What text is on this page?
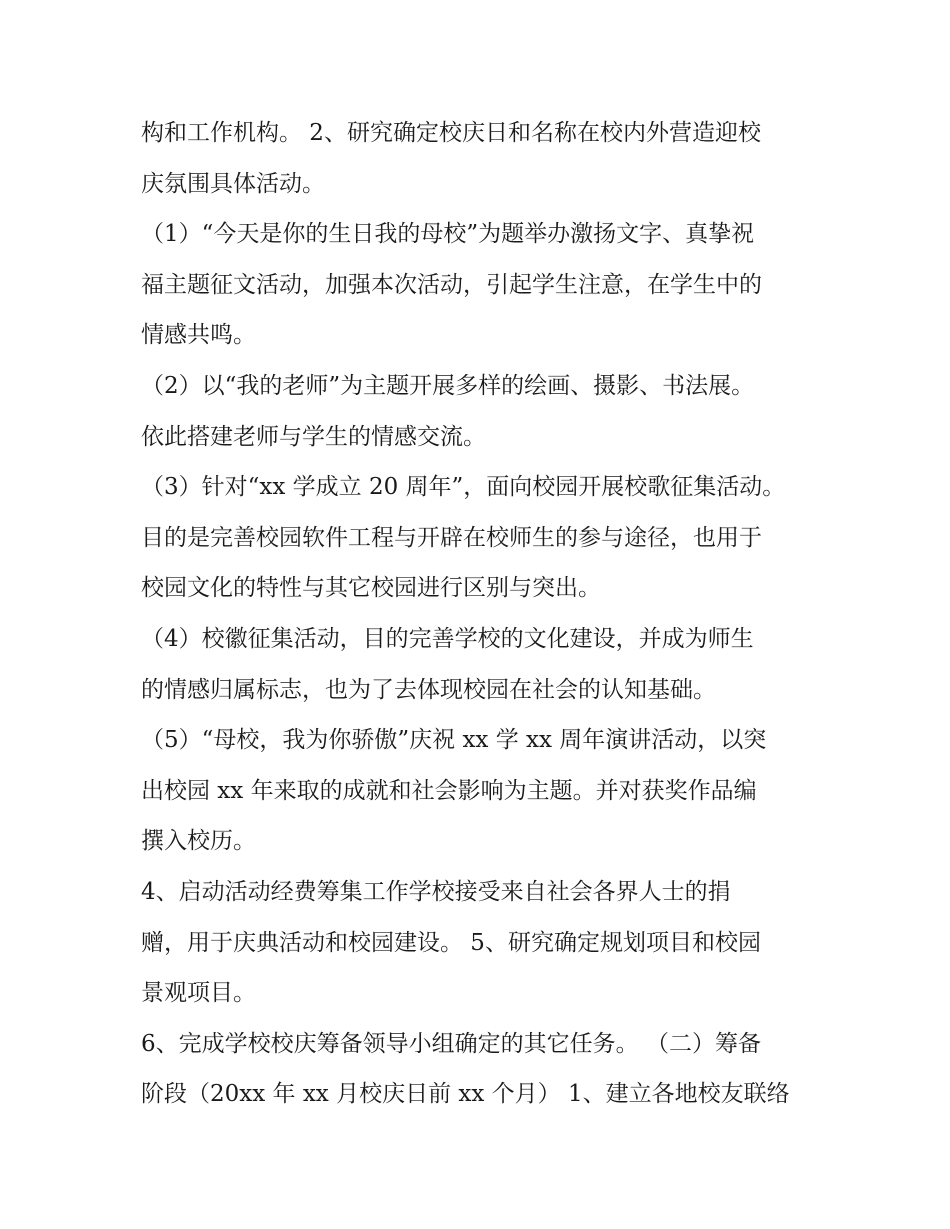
构和工作机构。 2、研究确定校庆日和名称在校内外营造迎校
庆氛围具体活动。
（1）“今天是你的生日我的母校”为题举办激扬文字、真挚祝
福主题征文活动，加强本次活动，引起学生注意，在学生中的
情感共鸣。
（2）以“我的老师”为主题开展多样的绘画、摄影、书法展。
依此搭建老师与学生的情感交流。
（3）针对“xx 学成立 20 周年”，面向校园开展校歌征集活动。
目的是完善校园软件工程与开辟在校师生的参与途径，也用于
校园文化的特性与其它校园进行区别与突出。
（4）校徽征集活动，目的完善学校的文化建设，并成为师生
的情感归属标志，也为了去体现校园在社会的认知基础。
（5）“母校，我为你骄傲”庆祝 xx 学 xx 周年演讲活动，以突
出校园 xx 年来取的成就和社会影响为主题。并对获奖作品编
撰入校历。
4、启动活动经费筹集工作学校接受来自社会各界人士的捐
赠，用于庆典活动和校园建设。 5、研究确定规划项目和校园
景观项目。
6、完成学校校庆筹备领导小组确定的其它任务。 （二）筹备
阶段（20xx 年 xx 月校庆日前 xx 个月） 1、建立各地校友联络
